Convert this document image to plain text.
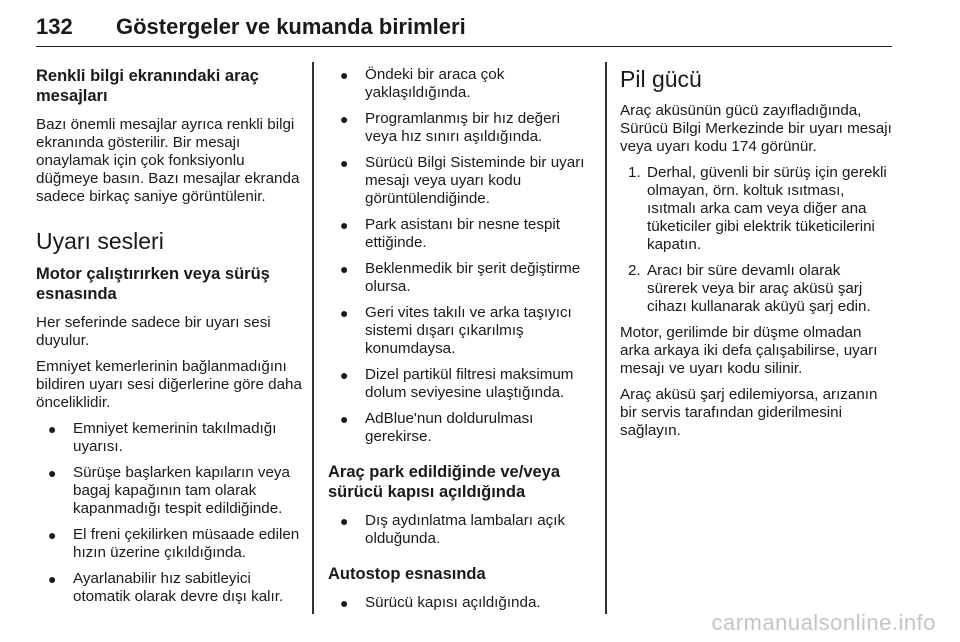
132	Göstergeler ve kumanda birimleri
Renkli bilgi ekranındaki araç mesajları

Bazı önemli mesajlar ayrıca renkli bilgi ekranında gösterilir. Bir mesajı onaylamak için çok fonksiyonlu düğmeye basın. Bazı mesajlar ekranda sadece birkaç saniye görüntülenir.

Uyarı sesleri
Motor çalıştırırken veya sürüş esnasında

Her seferinde sadece bir uyarı sesi duyulur.

Emniyet kemerlerinin bağlanmadığını bildiren uyarı sesi diğerlerine göre daha önceliklidir.

● Emniyet kemerinin takılmadığı uyarısı.
● Sürüşe başlarken kapıların veya bagaj kapağının tam olarak kapanmadığı tespit edildiğinde.
● El freni çekilirken müsaade edilen hızın üzerine çıkıldığında.
● Ayarlanabilir hız sabitleyici otomatik olarak devre dışı kalır.
● Öndeki bir araca çok yaklaşıldığında.
● Programlanmış bir hız değeri veya hız sınırı aşıldığında.
● Sürücü Bilgi Sisteminde bir uyarı mesajı veya uyarı kodu görüntülendiğinde.
● Park asistanı bir nesne tespit ettiğinde.
● Beklenmedik bir şerit değiştirme olursa.
● Geri vites takılı ve arka taşıyıcı sistemi dışarı çıkarılmış konumdaysa.
● Dizel partikül filtresi maksimum dolum seviyesine ulaştığında.
● AdBlue'nun doldurulması gerekirse.
Araç park edildiğinde ve/veya sürücü kapısı açıldığında
● Dış aydınlatma lambaları açık olduğunda.
Autostop esnasında
● Sürücü kapısı açıldığında.
Pil gücü

Araç aküsünün gücü zayıfladığında, Sürücü Bilgi Merkezinde bir uyarı mesajı veya uyarı kodu 174 görünür.

1. Derhal, güvenli bir sürüş için gerekli olmayan, örn. koltuk ısıtması, ısıtmalı arka cam veya diğer ana tüketiciler gibi elektrik tüketicilerini kapatın.
2. Aracı bir süre devamlı olarak sürerek veya bir araç aküsü şarj cihazı kullanarak aküyü şarj edin.

Motor, gerilimde bir düşme olmadan arka arkaya iki defa çalışabilirse, uyarı mesajı ve uyarı kodu silinir.

Araç aküsü şarj edilemiyorsa, arızanın bir servis tarafından giderilmesini sağlayın.

carmanualsonline.info
